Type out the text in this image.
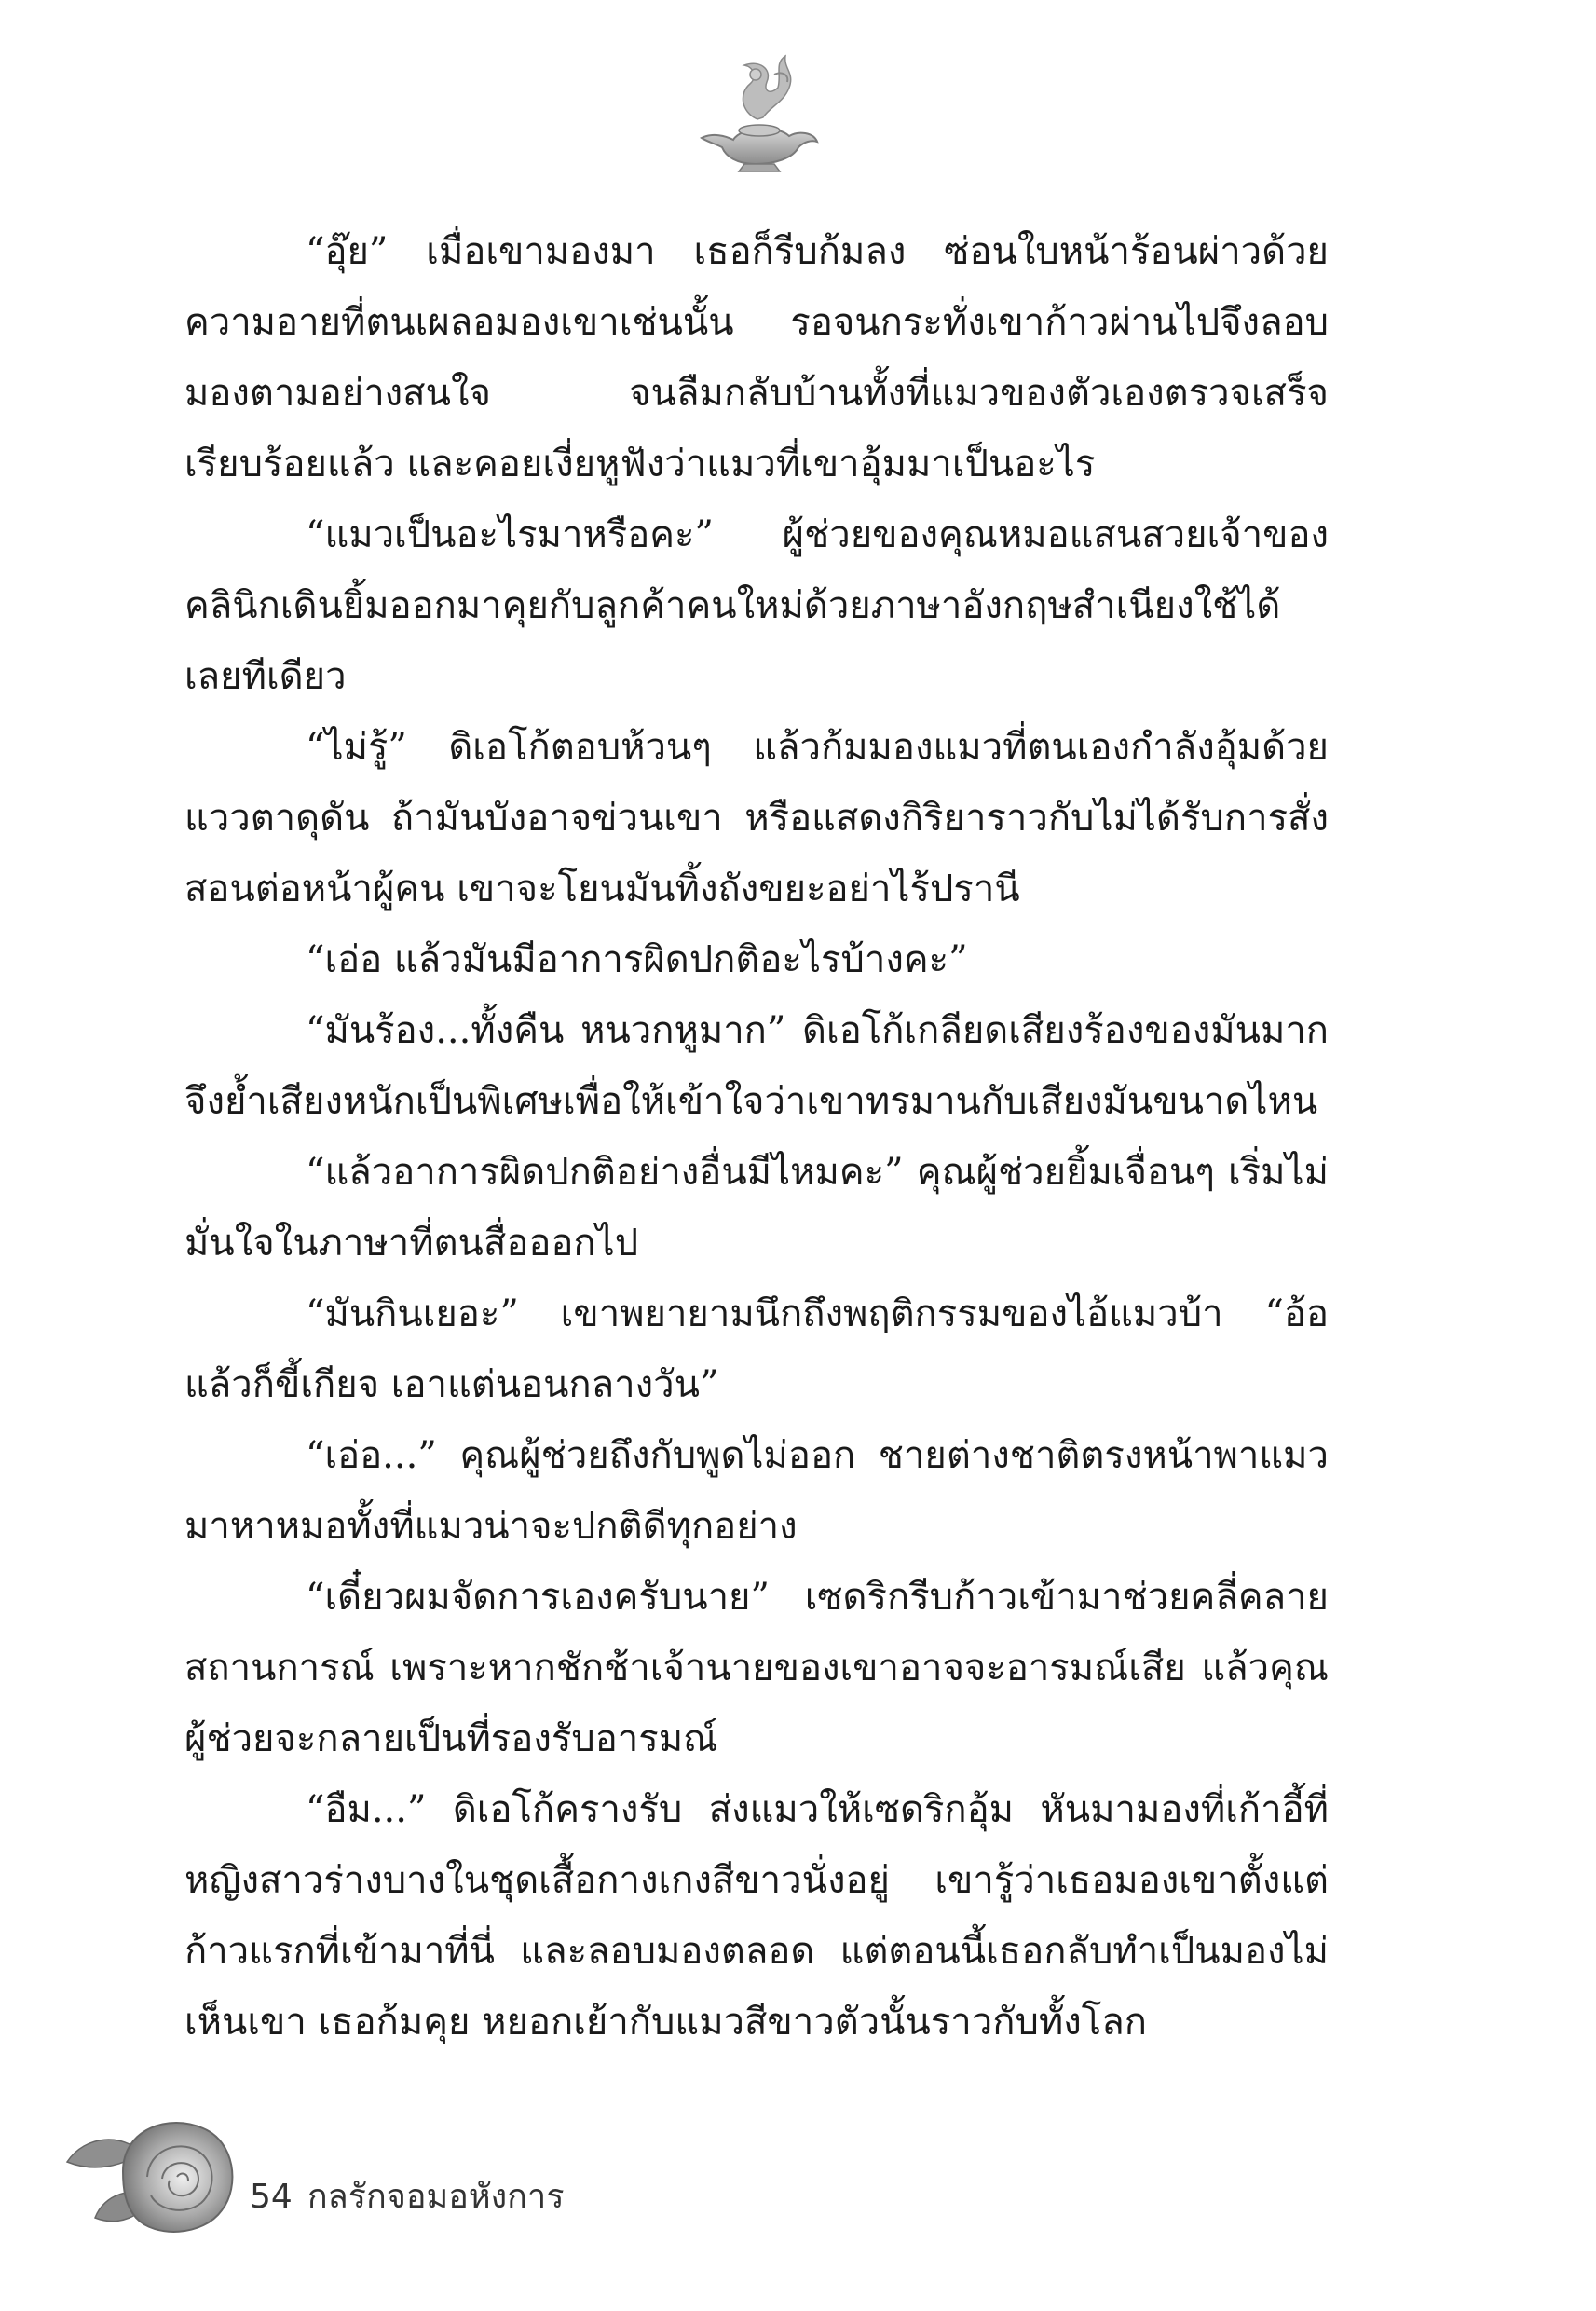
“อุ๊ย” เมื่อเขามองมา เธอก็รีบก้มลง ซ่อนใบหน้าร้อนผ่าวด้วยความอายที่ตนเผลอมองเขาเช่นนั้น รอจนกระทั่งเขาก้าวผ่านไปจึงลอบมองตามอย่างสนใจ จนลืมกลับบ้านทั้งที่แมวของตัวเองตรวจเสร็จเรียบร้อยแล้ว และคอยเงี่ยหูฟังว่าแมวที่เขาอุ้มมาเป็นอะไร

“แมวเป็นอะไรมาหรือคะ” ผู้ช่วยของคุณหมอแสนสวยเจ้าของคลินิกเดินยิ้มออกมาคุยกับลูกค้าคนใหม่ด้วยภาษาอังกฤษสำเนียงใช้ได้เลยทีเดียว

“ไม่รู้” ดิเอโก้ตอบห้วนๆ แล้วก้มมองแมวที่ตนเองกำลังอุ้มด้วยแววตาดุดัน ถ้ามันบังอาจข่วนเขา หรือแสดงกิริยาราวกับไม่ได้รับการสั่งสอนต่อหน้าผู้คน เขาจะโยนมันทิ้งถังขยะอย่าไร้ปรานี

“เอ่อ แล้วมันมีอาการผิดปกติอะไรบ้างคะ”

“มันร้อง...ทั้งคืน หนวกหูมาก” ดิเอโก้เกลียดเสียงร้องของมันมากจึงย้ำเสียงหนักเป็นพิเศษเพื่อให้เข้าใจว่าเขาทรมานกับเสียงมันขนาดไหน

“แล้วอาการผิดปกติอย่างอื่นมีไหมคะ” คุณผู้ช่วยยิ้มเจื่อนๆ เริ่มไม่มั่นใจในภาษาที่ตนสื่อออกไป

“มันกินเยอะ” เขาพยายามนึกถึงพฤติกรรมของไอ้แมวบ้า “อ้อแล้วก็ขี้เกียจ เอาแต่นอนกลางวัน”

“เอ่อ...” คุณผู้ช่วยถึงกับพูดไม่ออก ชายต่างชาติตรงหน้าพาแมวมาหาหมอทั้งที่แมวน่าจะปกติดีทุกอย่าง

“เดี๋ยวผมจัดการเองครับนาย” เซดริกรีบก้าวเข้ามาช่วยคลี่คลายสถานการณ์ เพราะหากชักช้าเจ้านายของเขาอาจจะอารมณ์เสีย แล้วคุณผู้ช่วยจะกลายเป็นที่รองรับอารมณ์

“อืม...” ดิเอโก้ครางรับ ส่งแมวให้เซดริกอุ้ม หันมามองที่เก้าอี้ที่หญิงสาวร่างบางในชุดเสื้อกางเกงสีขาวนั่งอยู่ เขารู้ว่าเธอมองเขาตั้งแต่ก้าวแรกที่เข้ามาที่นี่ และลอบมองตลอด แต่ตอนนี้เธอกลับทำเป็นมองไม่เห็นเขา เธอก้มคุย หยอกเย้ากับแมวสีขาวตัวนั้นราวกับทั้งโลก

54 กลรักจอมอหังการ
